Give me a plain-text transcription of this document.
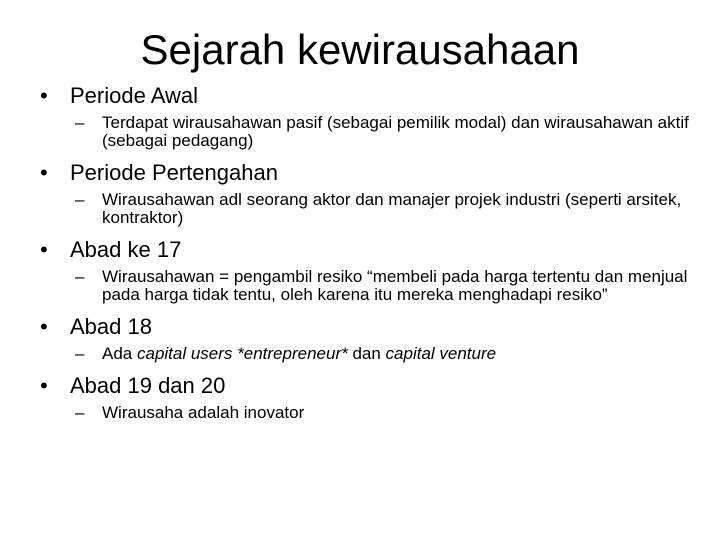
Sejarah kewirausahaan
•	Periode Awal
– Terdapat wirausahawan pasif (sebagai pemilik modal) dan wirausahawan aktif (sebagai pedagang)
•	Periode Pertengahan
– Wirausahawan adl seorang aktor dan manajer projek industri (seperti arsitek, kontraktor)
•	Abad ke 17
– Wirausahawan = pengambil resiko “membeli pada harga tertentu dan menjual pada harga tidak tentu, oleh karena itu mereka menghadapi resiko”
•	Abad 18
– Ada capital users *entrepreneur* dan capital venture
•	Abad 19 dan 20
– Wirausaha adalah inovator
